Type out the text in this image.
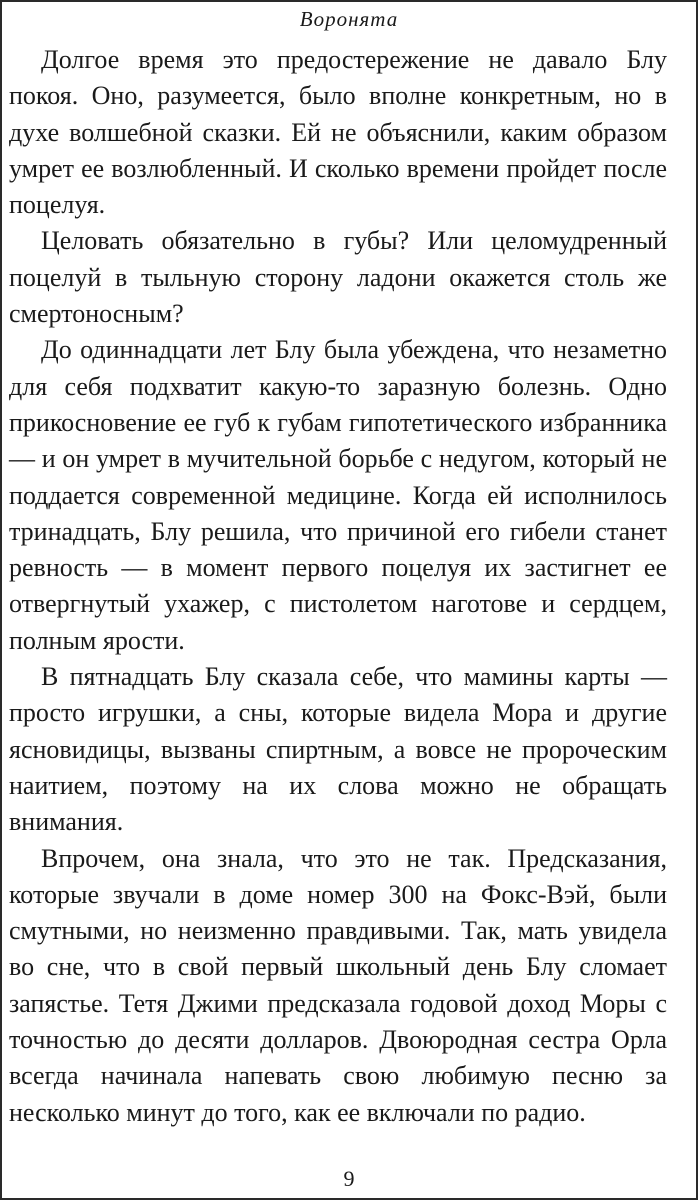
Воронята

Долгое время это предостережение не давало Блу покоя. Оно, разумеется, было вполне конкретным, но в духе волшебной сказки. Ей не объяснили, каким образом умрет ее возлюбленный. И сколько времени пройдет после поцелуя.

Целовать обязательно в губы? Или целомудренный поцелуй в тыльную сторону ладони окажется столь же смертоносным?

До одиннадцати лет Блу была убеждена, что незаметно для себя подхватит какую-то заразную болезнь. Одно прикосновение ее губ к губам гипотетического избранника — и он умрет в мучительной борьбе с недугом, который не поддается современной медицине. Когда ей исполнилось тринадцать, Блу решила, что причиной его гибели станет ревность — в момент первого поцелуя их застигнет ее отвергнутый ухажер, с пистолетом наготове и сердцем, полным ярости.

В пятнадцать Блу сказала себе, что мамины карты — просто игрушки, а сны, которые видела Мора и другие ясновидицы, вызваны спиртным, а вовсе не пророческим наитием, поэтому на их слова можно не обращать внимания.

Впрочем, она знала, что это не так. Предсказания, которые звучали в доме номер 300 на Фокс-Вэй, были смутными, но неизменно правдивыми. Так, мать увидела во сне, что в свой первый школьный день Блу сломает запястье. Тетя Джими предсказала годовой доход Моры с точностью до десяти долларов. Двоюродная сестра Орла всегда начинала напевать свою любимую песню за несколько минут до того, как ее включали по радио.

9
